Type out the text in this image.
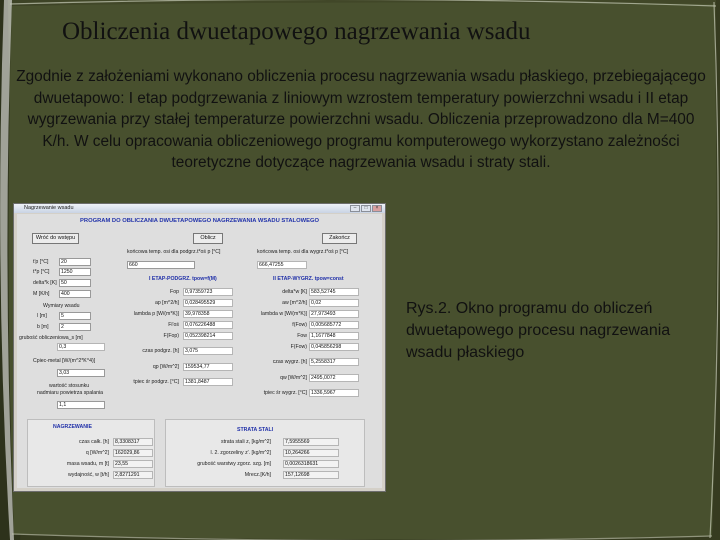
Obliczenia dwuetapowego nagrzewania wsadu
Zgodnie z założeniami wykonano obliczenia procesu nagrzewania wsadu płaskiego, przebiegającego dwuetapowo: I etap podgrzewania z liniowym wzrostem temperatury powierzchni wsadu i II etap wygrzewania przy stałej temperaturze powierzchni wsadu. Obliczenia przeprowadzono dla M=400 K/h. W celu opracowania obliczeniowego programu komputerowego wykorzystano zależności teoretyczne dotyczące nagrzewania wsadu i straty stali.
Rys.2. Okno programu do obliczeń dwuetapowego procesu nagrzewania wsadu płaskiego
Nagrzewanie wsadu	–	□	×
PROGRAM DO OBLICZANIA DWUETAPOWEGO NAGRZEWANIA WSADU STALOWEGO
Wróć do wstępu	Oblicz	Zakończ
końcowa temp. osi dla podgrz.t*oś p [°C]
660
końcowa temp. osi dla wygrz.t*oś p [°C]
666,47255
I ETAP-PODGRZ. tpow=f(M)	II ETAP-WYGRZ. tpow=const
t'p [°C]	20
t*p [°C]	1250
delta*k [K] 50
M [K/h]	400
Wymiary wsadu
l [m]	5
b [m]	2
grubość obliczeniowa_s [m]
0,3
Cpiec-metal [W/(m^2*K^4)]
3,03
wartość stosunku
nadmiaru powietrza spalania
1,1
Fop	0,97359723
ap [m^2/h]	0,028495529
lambda p [W/(m*K)]	39,978358
Fi'oś	0,076226488
F(Fop)	0,052398214
czas podgrz. [h]	3,075
qp [W/m^2]	159534,77
tpiec śr podgrz. [°C]	1381,8487
delta*w [K] 583,52745
aw [m^2/h] 0,02
lambda w [W/(m*K)] 27,973493
f(Fow) 0,005685772
Fow 1,1677848
F(Fow) 0,045856298
czas wygrz. [h] 5,2558317
qw [W/m^2] 2495,0072
tpiec śr wygrz. [°C] 1336,5967
NAGRZEWANIE	STRATA STALI
czas całk. [h]	8,3308317
q [W/m^2]	162029,86
masa wsadu, m [t]	23,55
wydajność, w [t/h]	2,8271291
strata stali z, [kg/m^2]	7,5955569
l. 2. zgorzeliny z'. [kg/m^2]	10,264266
grubość warstwy zgorz. szg. [m]	0,0026318631
Mrecz.[K/h]	157,12698
